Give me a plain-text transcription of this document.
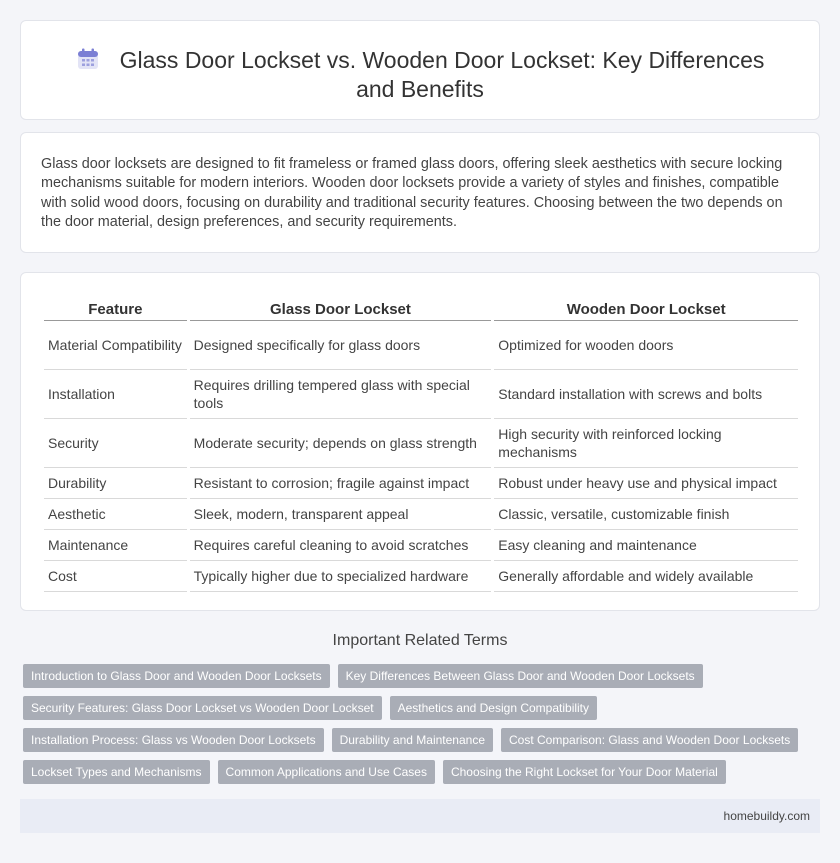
Glass Door Lockset vs. Wooden Door Lockset: Key Differences and Benefits

Glass door locksets are designed to fit frameless or framed glass doors, offering sleek aesthetics with secure locking mechanisms suitable for modern interiors. Wooden door locksets provide a variety of styles and finishes, compatible with solid wood doors, focusing on durability and traditional security features. Choosing between the two depends on the door material, design preferences, and security requirements.

Feature	Glass Door Lockset	Wooden Door Lockset
Material Compatibility	Designed specifically for glass doors	Optimized for wooden doors
Installation	Requires drilling tempered glass with special tools	Standard installation with screws and bolts
Security	Moderate security; depends on glass strength	High security with reinforced locking mechanisms
Durability	Resistant to corrosion; fragile against impact	Robust under heavy use and physical impact
Aesthetic	Sleek, modern, transparent appeal	Classic, versatile, customizable finish
Maintenance	Requires careful cleaning to avoid scratches	Easy cleaning and maintenance
Cost	Typically higher due to specialized hardware	Generally affordable and widely available
Important Related Terms
Introduction to Glass Door and Wooden Door Locksets	Key Differences Between Glass Door and Wooden Door Locksets
Security Features: Glass Door Lockset vs Wooden Door Lockset	Aesthetics and Design Compatibility
Installation Process: Glass vs Wooden Door Locksets	Durability and Maintenance	Cost Comparison: Glass and Wooden Door Locksets
Lockset Types and Mechanisms	Common Applications and Use Cases	Choosing the Right Lockset for Your Door Material
homebuildy.com
